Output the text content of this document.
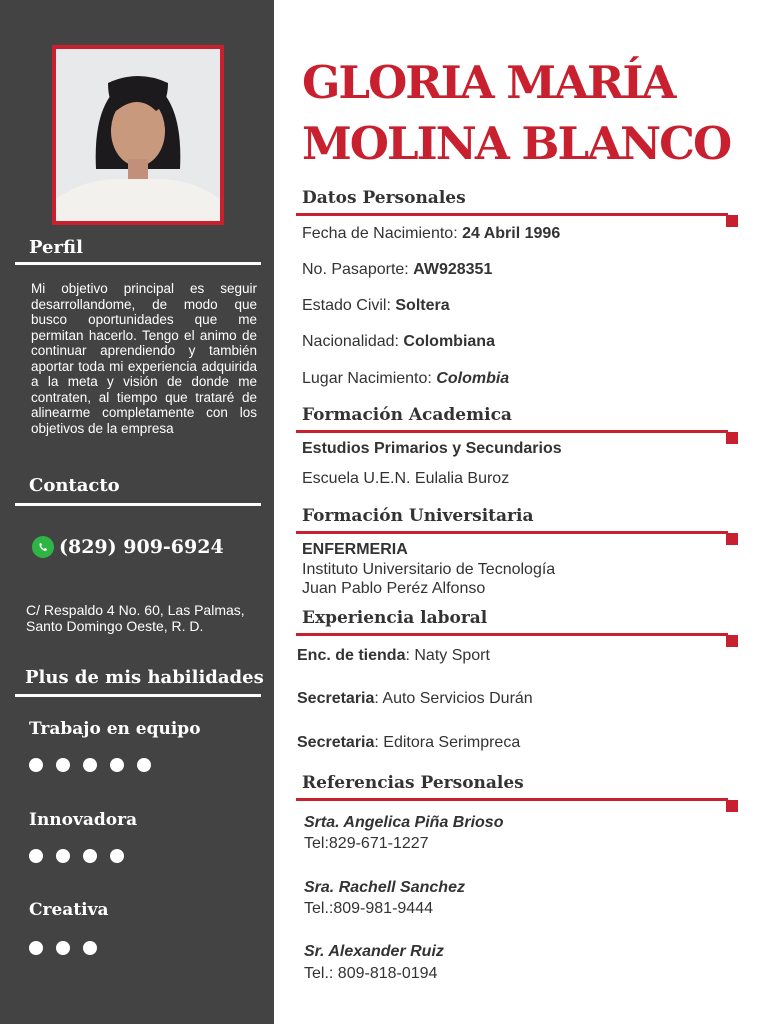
Perfil
Mi objetivo principal es seguir desarrollandome, de modo que busco oportunidades que me permitan hacerlo. Tengo el animo de continuar aprendiendo y también aportar toda mi experiencia adquirida a la meta y visión de donde me contraten, al tiempo que trataré de alinearme completamente con los objetivos de la empresa
Contacto
(829) 909-6924
C/ Respaldo 4 No. 60, Las Palmas,
Santo Domingo Oeste, R. D.
Plus de mis habilidades
Trabajo en equipo
Innovadora
Creativa
GLORIA MARÍA
MOLINA BLANCO
Datos Personales
Fecha de Nacimiento: 24 Abril 1996
No. Pasaporte: AW928351
Estado Civil: Soltera
Nacionalidad: Colombiana
Lugar Nacimiento: Colombia
Formación Academica
Estudios Primarios y Secundarios
Escuela U.E.N. Eulalia Buroz
Formación Universitaria
ENFERMERIA
Instituto Universitario de Tecnología
Juan Pablo Peréz Alfonso
Experiencia laboral
Enc. de tienda: Naty Sport
Secretaria: Auto Servicios Durán
Secretaria: Editora Serimpreca
Referencias Personales
Srta. Angelica Piña Brioso
Tel:829-671-1227
Sra. Rachell Sanchez
Tel.:809-981-9444
Sr. Alexander Ruiz
Tel.: 809-818-0194
